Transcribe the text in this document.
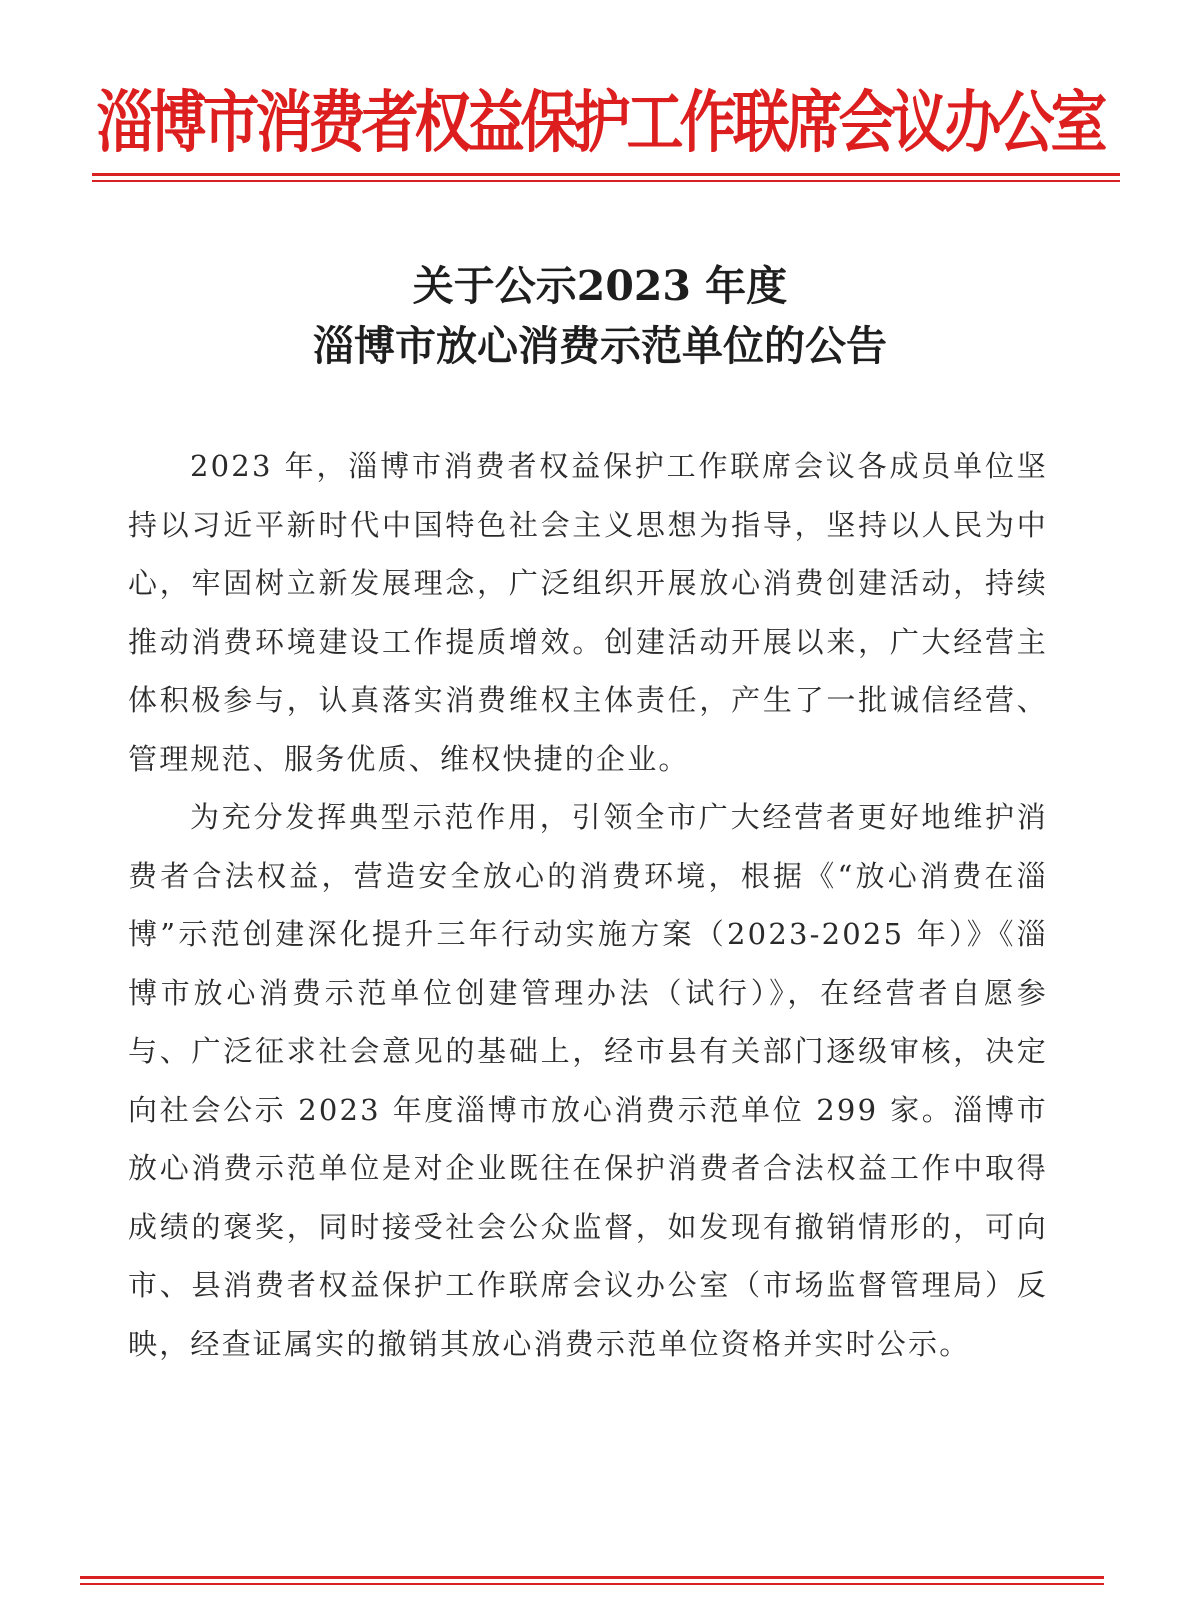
淄博市消费者权益保护工作联席会议办公室
关于公示2023 年度
淄博市放心消费示范单位的公告

2023 年，淄博市消费者权益保护工作联席会议各成员单位坚持以习近平新时代中国特色社会主义思想为指导，坚持以人民为中心，牢固树立新发展理念，广泛组织开展放心消费创建活动，持续推动消费环境建设工作提质增效。创建活动开展以来，广大经营主体积极参与，认真落实消费维权主体责任，产生了一批诚信经营、管理规范、服务优质、维权快捷的企业。

为充分发挥典型示范作用，引领全市广大经营者更好地维护消费者合法权益，营造安全放心的消费环境，根据《“放心消费在淄博”示范创建深化提升三年行动实施方案（2023-2025 年）》《淄博市放心消费示范单位创建管理办法（试行）》，在经营者自愿参与、广泛征求社会意见的基础上，经市县有关部门逐级审核，决定向社会公示 2023 年度淄博市放心消费示范单位 299 家。淄博市放心消费示范单位是对企业既往在保护消费者合法权益工作中取得成绩的褒奖，同时接受社会公众监督，如发现有撤销情形的，可向市、县消费者权益保护工作联席会议办公室（市场监督管理局）反映，经查证属实的撤销其放心消费示范单位资格并实时公示。
